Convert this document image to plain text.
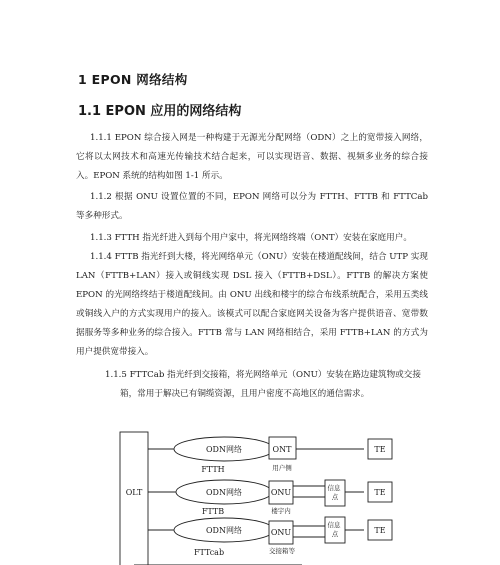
1 EPON 网络结构
1.1 EPON 应用的网络结构

1.1.1 EPON 综合接入网是一种构建于无源光分配网络（ODN）之上的宽带接入网络，它将以太网技术和高速光传输技术结合起来，可以实现语音、数据、视频多业务的综合接入。EPON 系统的结构如图 1-1 所示。

1.1.2 根据 ONU 设置位置的不同，EPON 网络可以分为 FTTH、FTTB 和 FTTCab 等多种形式。

1.1.3 FTTH 指光纤进入到每个用户家中，将光网络终端（ONT）安装在家庭用户。

1.1.4 FTTB 指光纤到大楼，将光网络单元（ONU）安装在楼道配线间，结合 UTP 实现 LAN（FTTB+LAN）接入或铜线实现 DSL 接入（FTTB+DSL）。FTTB 的解决方案使 EPON 的光网络终结于楼道配线间。由 ONU 出线和楼宇的综合布线系统配合，采用五类线或铜线入户的方式实现用户的接入。该模式可以配合家庭网关设备为客户提供语音、宽带数据服务等多种业务的综合接入。FTTB 常与 LAN 网络相结合，采用 FTTB+LAN 的方式为用户提供宽带接入。

1.1.5 FTTCab 指光纤到交接箱，将光网络单元（ONU）安装在路边建筑物或交接
箱，常用于解决已有铜缆资源，且用户密度不高地区的通信需求。
OLT
ODN网络	ONT	TE
FTTH	用户侧
ODN网络	ONU	信息 点	TE
FTTB	楼宇内
ODN网络	ONU
信息 点	TE
FTTcab	交接箱等
